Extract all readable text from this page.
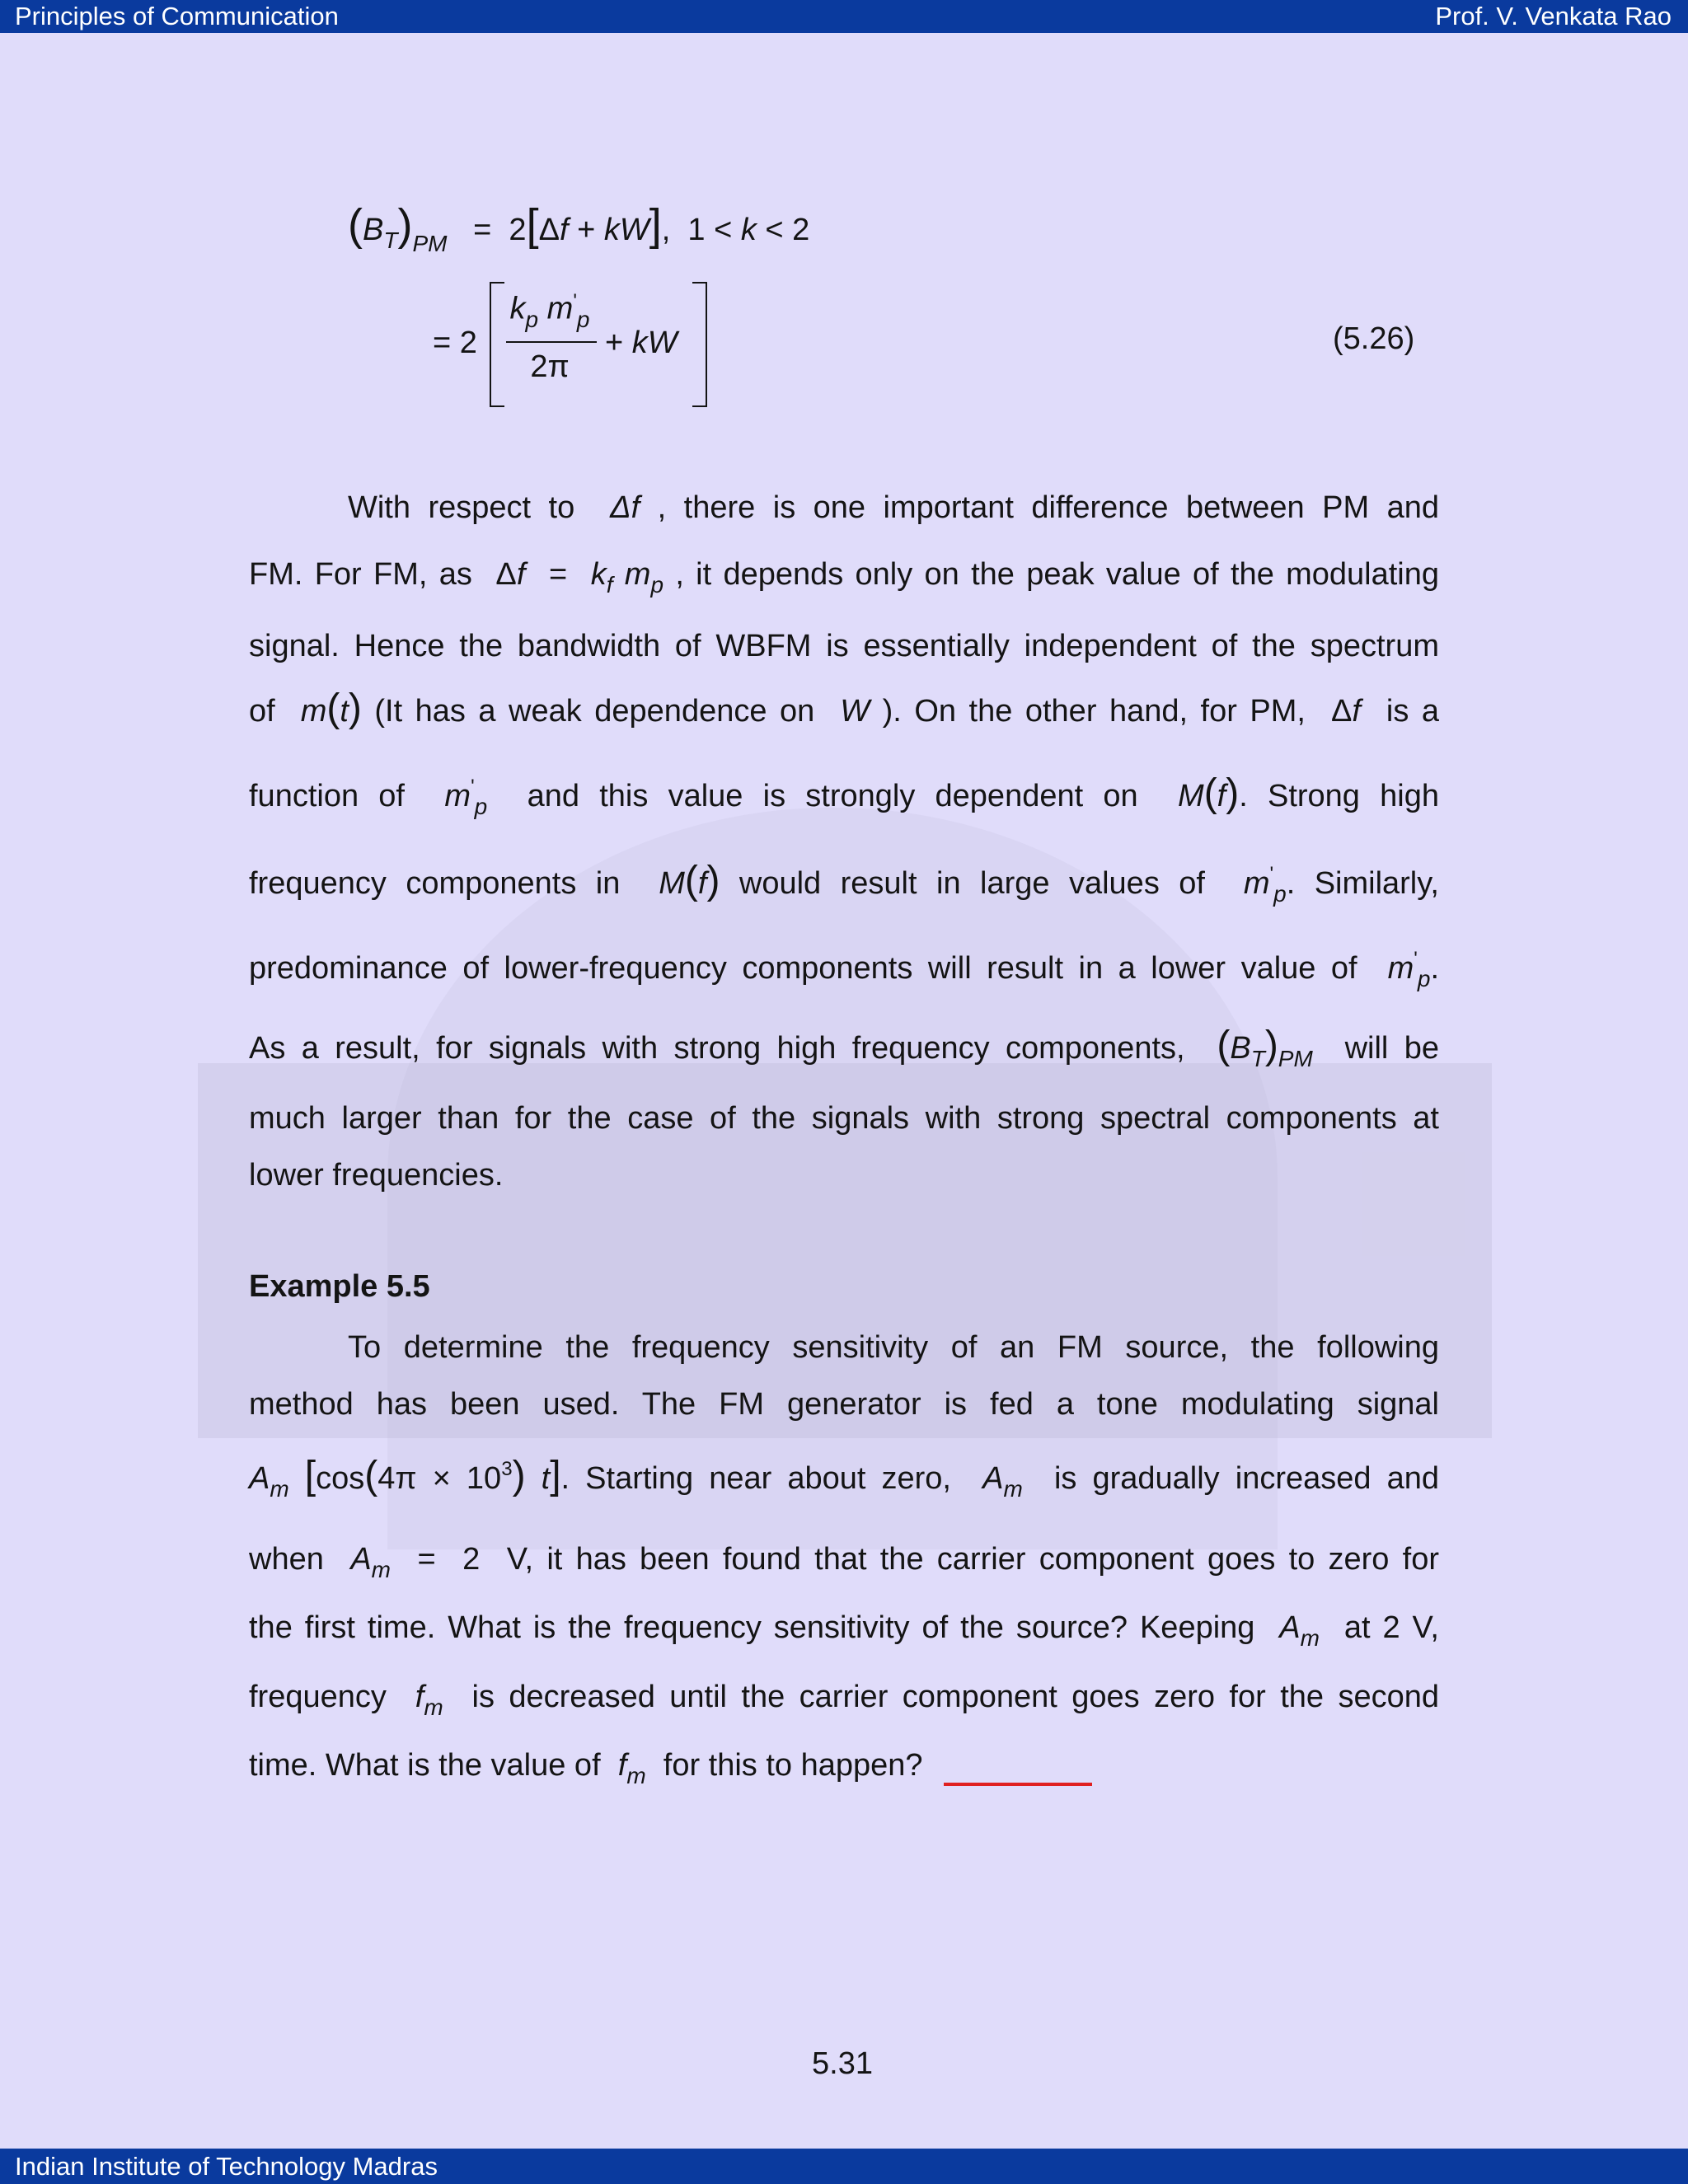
Principles of Communication	Prof. V. Venkata Rao
$(B_T)_{PM} = 2[\Delta f + kW]$,  1 < k < 2
= 2
$k_p$ $m'_p$
2π
+ kW	(5.26)
With respect to  Δf , there is one important difference between PM and
FM. For FM, as  $\Delta f = k_f$ $m_p$ , it depends only on the peak value of the modulating
signal. Hence the bandwidth of WBFM is essentially independent of the spectrum
of  m(t) (It has a weak dependence on  W ). On the other hand, for PM,  Δf  is a
function of  $m'_p$  and this value is strongly dependent on  M(f). Strong high
frequency components in  M(f) would result in large values of  $m'_p$. Similarly,
predominance of lower-frequency components will result in a lower value of  $m'_p$.
As a result, for signals with strong high frequency components,  $(B_T)_{PM}$  will be
much larger than for the case of the signals with strong spectral components at
lower frequencies.
Example 5.5
To determine the frequency sensitivity of an FM source, the following
method has been used. The FM generator is fed a tone modulating signal
$A_m$ [$\cos(4\pi \times 10^3)$ t]. Starting near about zero,  $A_m$  is gradually increased and
when  $A_m = 2$  V, it has been found that the carrier component goes to zero for
the first time. What is the frequency sensitivity of the source? Keeping  $A_m$  at 2 V,
frequency  $f_m$  is decreased until the carrier component goes zero for the second
time. What is the value of  $f_m$  for this to happen?
5.31
Indian Institute of Technology Madras
